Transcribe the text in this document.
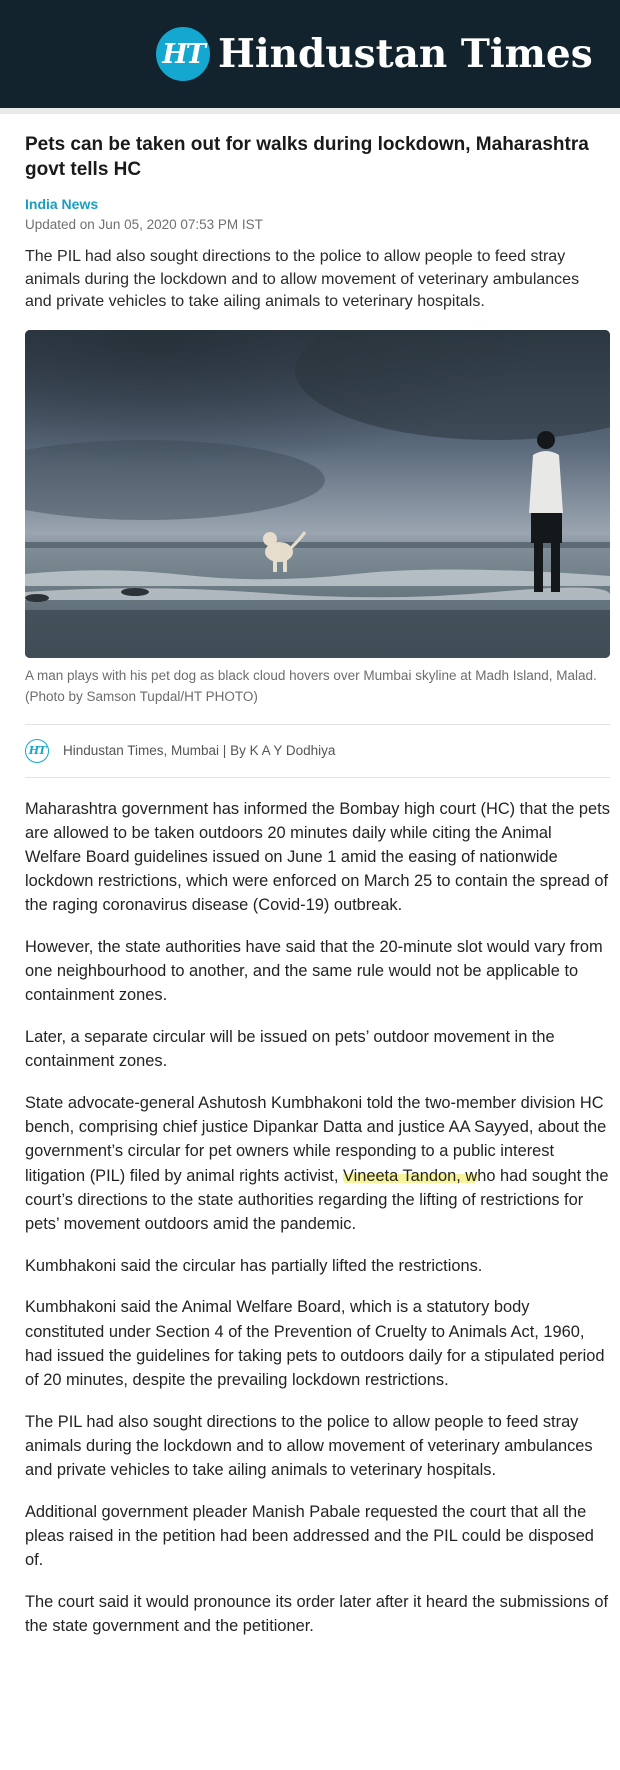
HT Hindustan Times
Pets can be taken out for walks during lockdown, Maharashtra govt tells HC
India News
Updated on Jun 05, 2020 07:53 PM IST
The PIL had also sought directions to the police to allow people to feed stray animals during the lockdown and to allow movement of veterinary ambulances and private vehicles to take ailing animals to veterinary hospitals.
A man plays with his pet dog as black cloud hovers over Mumbai skyline at Madh Island, Malad. (Photo by Samson Tupdal/HT PHOTO)
HT Hindustan Times, Mumbai | By K A Y Dodhiya

Maharashtra government has informed the Bombay high court (HC) that the pets are allowed to be taken outdoors 20 minutes daily while citing the Animal Welfare Board guidelines issued on June 1 amid the easing of nationwide lockdown restrictions, which were enforced on March 25 to contain the spread of the raging coronavirus disease (Covid-19) outbreak.

However, the state authorities have said that the 20-minute slot would vary from one neighbourhood to another, and the same rule would not be applicable to containment zones.

Later, a separate circular will be issued on pets’ outdoor movement in the containment zones.

State advocate-general Ashutosh Kumbhakoni told the two-member division HC bench, comprising chief justice Dipankar Datta and justice AA Sayyed, about the government’s circular for pet owners while responding to a public interest litigation (PIL) filed by animal rights activist, Vineeta Tandon, who had sought the court’s directions to the state authorities regarding the lifting of restrictions for pets’ movement outdoors amid the pandemic.

Kumbhakoni said the circular has partially lifted the restrictions.

Kumbhakoni said the Animal Welfare Board, which is a statutory body constituted under Section 4 of the Prevention of Cruelty to Animals Act, 1960, had issued the guidelines for taking pets to outdoors daily for a stipulated period of 20 minutes, despite the prevailing lockdown restrictions.

The PIL had also sought directions to the police to allow people to feed stray animals during the lockdown and to allow movement of veterinary ambulances and private vehicles to take ailing animals to veterinary hospitals.

Additional government pleader Manish Pabale requested the court that all the pleas raised in the petition had been addressed and the PIL could be disposed of.

The court said it would pronounce its order later after it heard the submissions of the state government and the petitioner.
